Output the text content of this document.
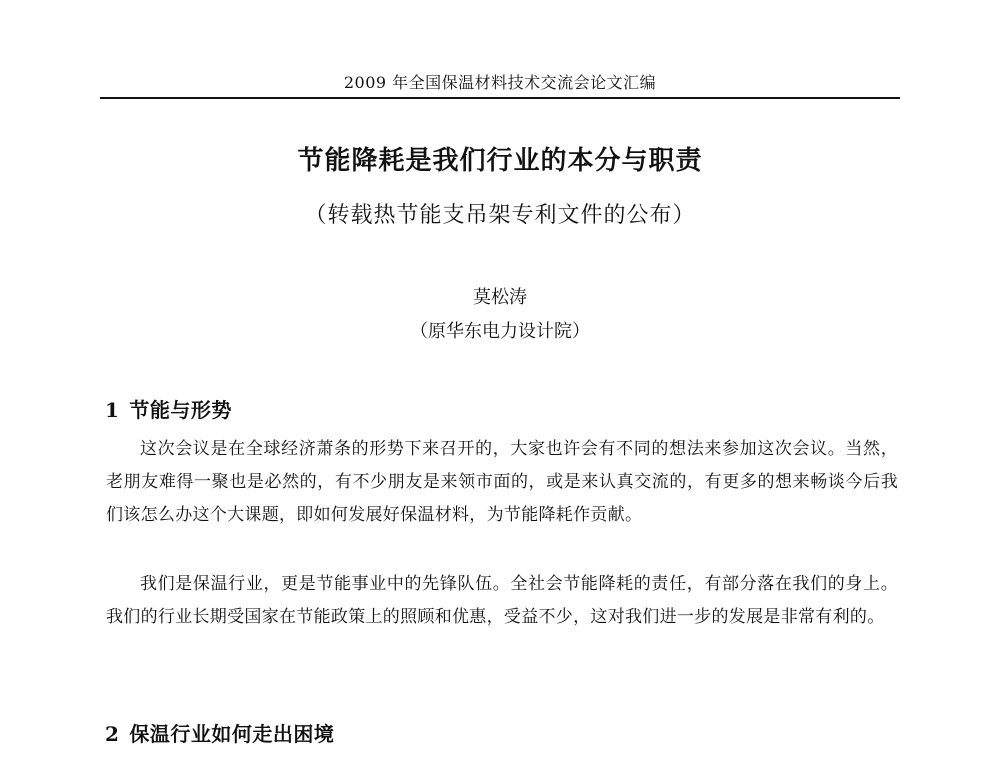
2009 年全国保温材料技术交流会论文汇编
节能降耗是我们行业的本分与职责
（转载热节能支吊架专利文件的公布）
莫松涛
（原华东电力设计院）
1 节能与形势

这次会议是在全球经济萧条的形势下来召开的，大家也许会有不同的想法来参加这次会议。当然，老朋友难得一聚也是必然的，有不少朋友是来领市面的，或是来认真交流的，有更多的想来畅谈今后我们该怎么办这个大课题，即如何发展好保温材料，为节能降耗作贡献。

我们是保温行业，更是节能事业中的先锋队伍。全社会节能降耗的责任，有部分落在我们的身上。我们的行业长期受国家在节能政策上的照顾和优惠，受益不少，这对我们进一步的发展是非常有利的。

2 保温行业如何走出困境
